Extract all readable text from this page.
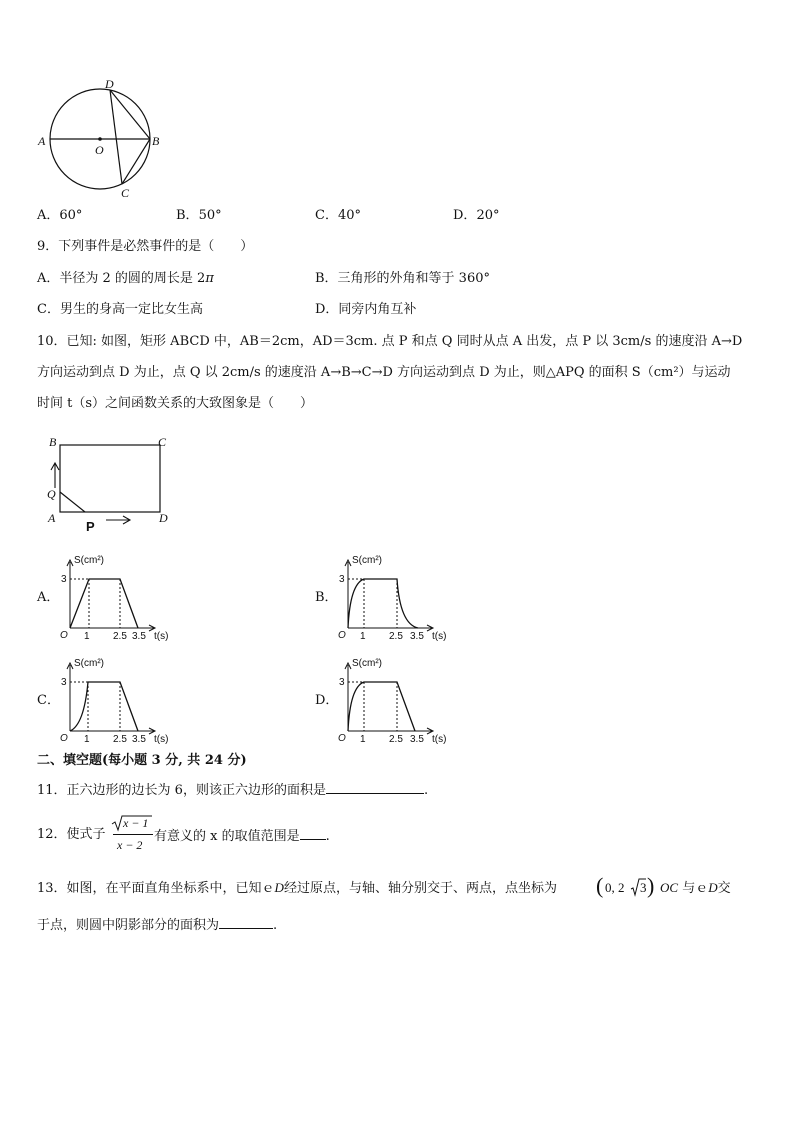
D
A
O
B
C
A．60°	B．50°	C．40°	D．20°
9．下列事件是必然事件的是（　　）
A．半径为 2 的圆的周长是 2π	B．三角形的外角和等于 360°
C．男生的身高一定比女生高	D．同旁内角互补
10．已知: 如图，矩形 ABCD 中，AB＝2cm，AD＝3cm. 点 P 和点 Q 同时从点 A 出发，点 P 以 3cm/s 的速度沿 A→D
方向运动到点 D 为止，点 Q 以 2cm/s 的速度沿 A→B→C→D 方向运动到点 D 为止，则△APQ 的面积 S（cm²）与运动
时间 t（s）之间函数关系的大致图象是（　　）
B	C
Q
A	D
P
A．	B．
C．	D．
S(cm²)
3
1 2.5 3.5 t(s)
O
S(cm²)
3
1 2.5 3.5 t(s)
O
S(cm²)
3
1 2.5 3.5 t(s)
O
S(cm²)
3
1 2.5 3.5 t(s)
O
二、填空题(每小题 3 分, 共 24 分)
11．正六边形的边长为 6，则该正六边形的面积是	.
12．使式子
x − 1
x − 2
有意义的 x 的取值范围是 .
13．如图，在平面直角坐标系中，已知ｅD经过原点，与轴、轴分别交于、两点，点坐标为 ( 0, 2 3 ) OC 与ｅD交
于点，则圆中阴影部分的面积为	.
